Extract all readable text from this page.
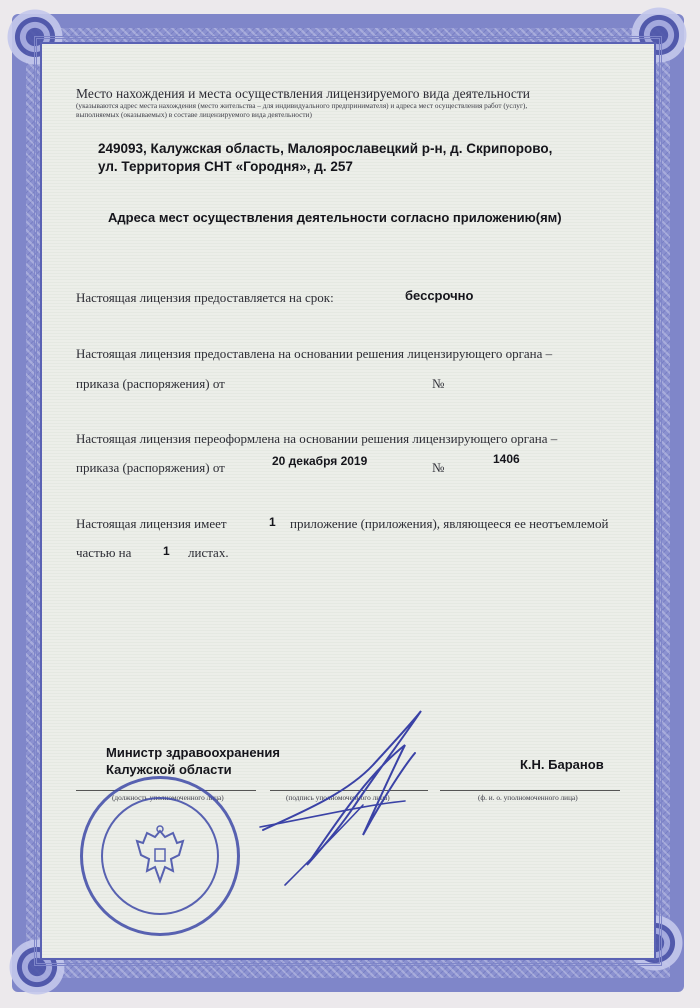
Место нахождения и места осуществления лицензируемого вида деятельности
(указываются адрес места нахождения (место жительства – для индивидуального предпринимателя) и адреса мест осуществления работ (услуг),
выполняемых (оказываемых) в составе лицензируемого вида деятельности)
249093, Калужская область, Малоярославецкий р-н, д. Скрипорово,
ул. Территория СНТ «Городня», д. 257
Адреса мест осуществления деятельности согласно приложению(ям)
Настоящая лицензия предоставляется на срок:	бессрочно
Настоящая лицензия предоставлена на основании решения лицензирующего органа –
приказа (распоряжения) от	№
Настоящая лицензия переоформлена на основании решения лицензирующего органа –
приказа (распоряжения) от	20 декабря 2019	№
1406
Настоящая лицензия имеет	1 приложение (приложения), являющееся ее неотъемлемой
частью на	1 листах.
Министр здравоохранения
Калужской области	К.Н. Баранов
(должность уполномоченного лица)	(подпись уполномоченного лица)	(ф. и. о. уполномоченного лица)
